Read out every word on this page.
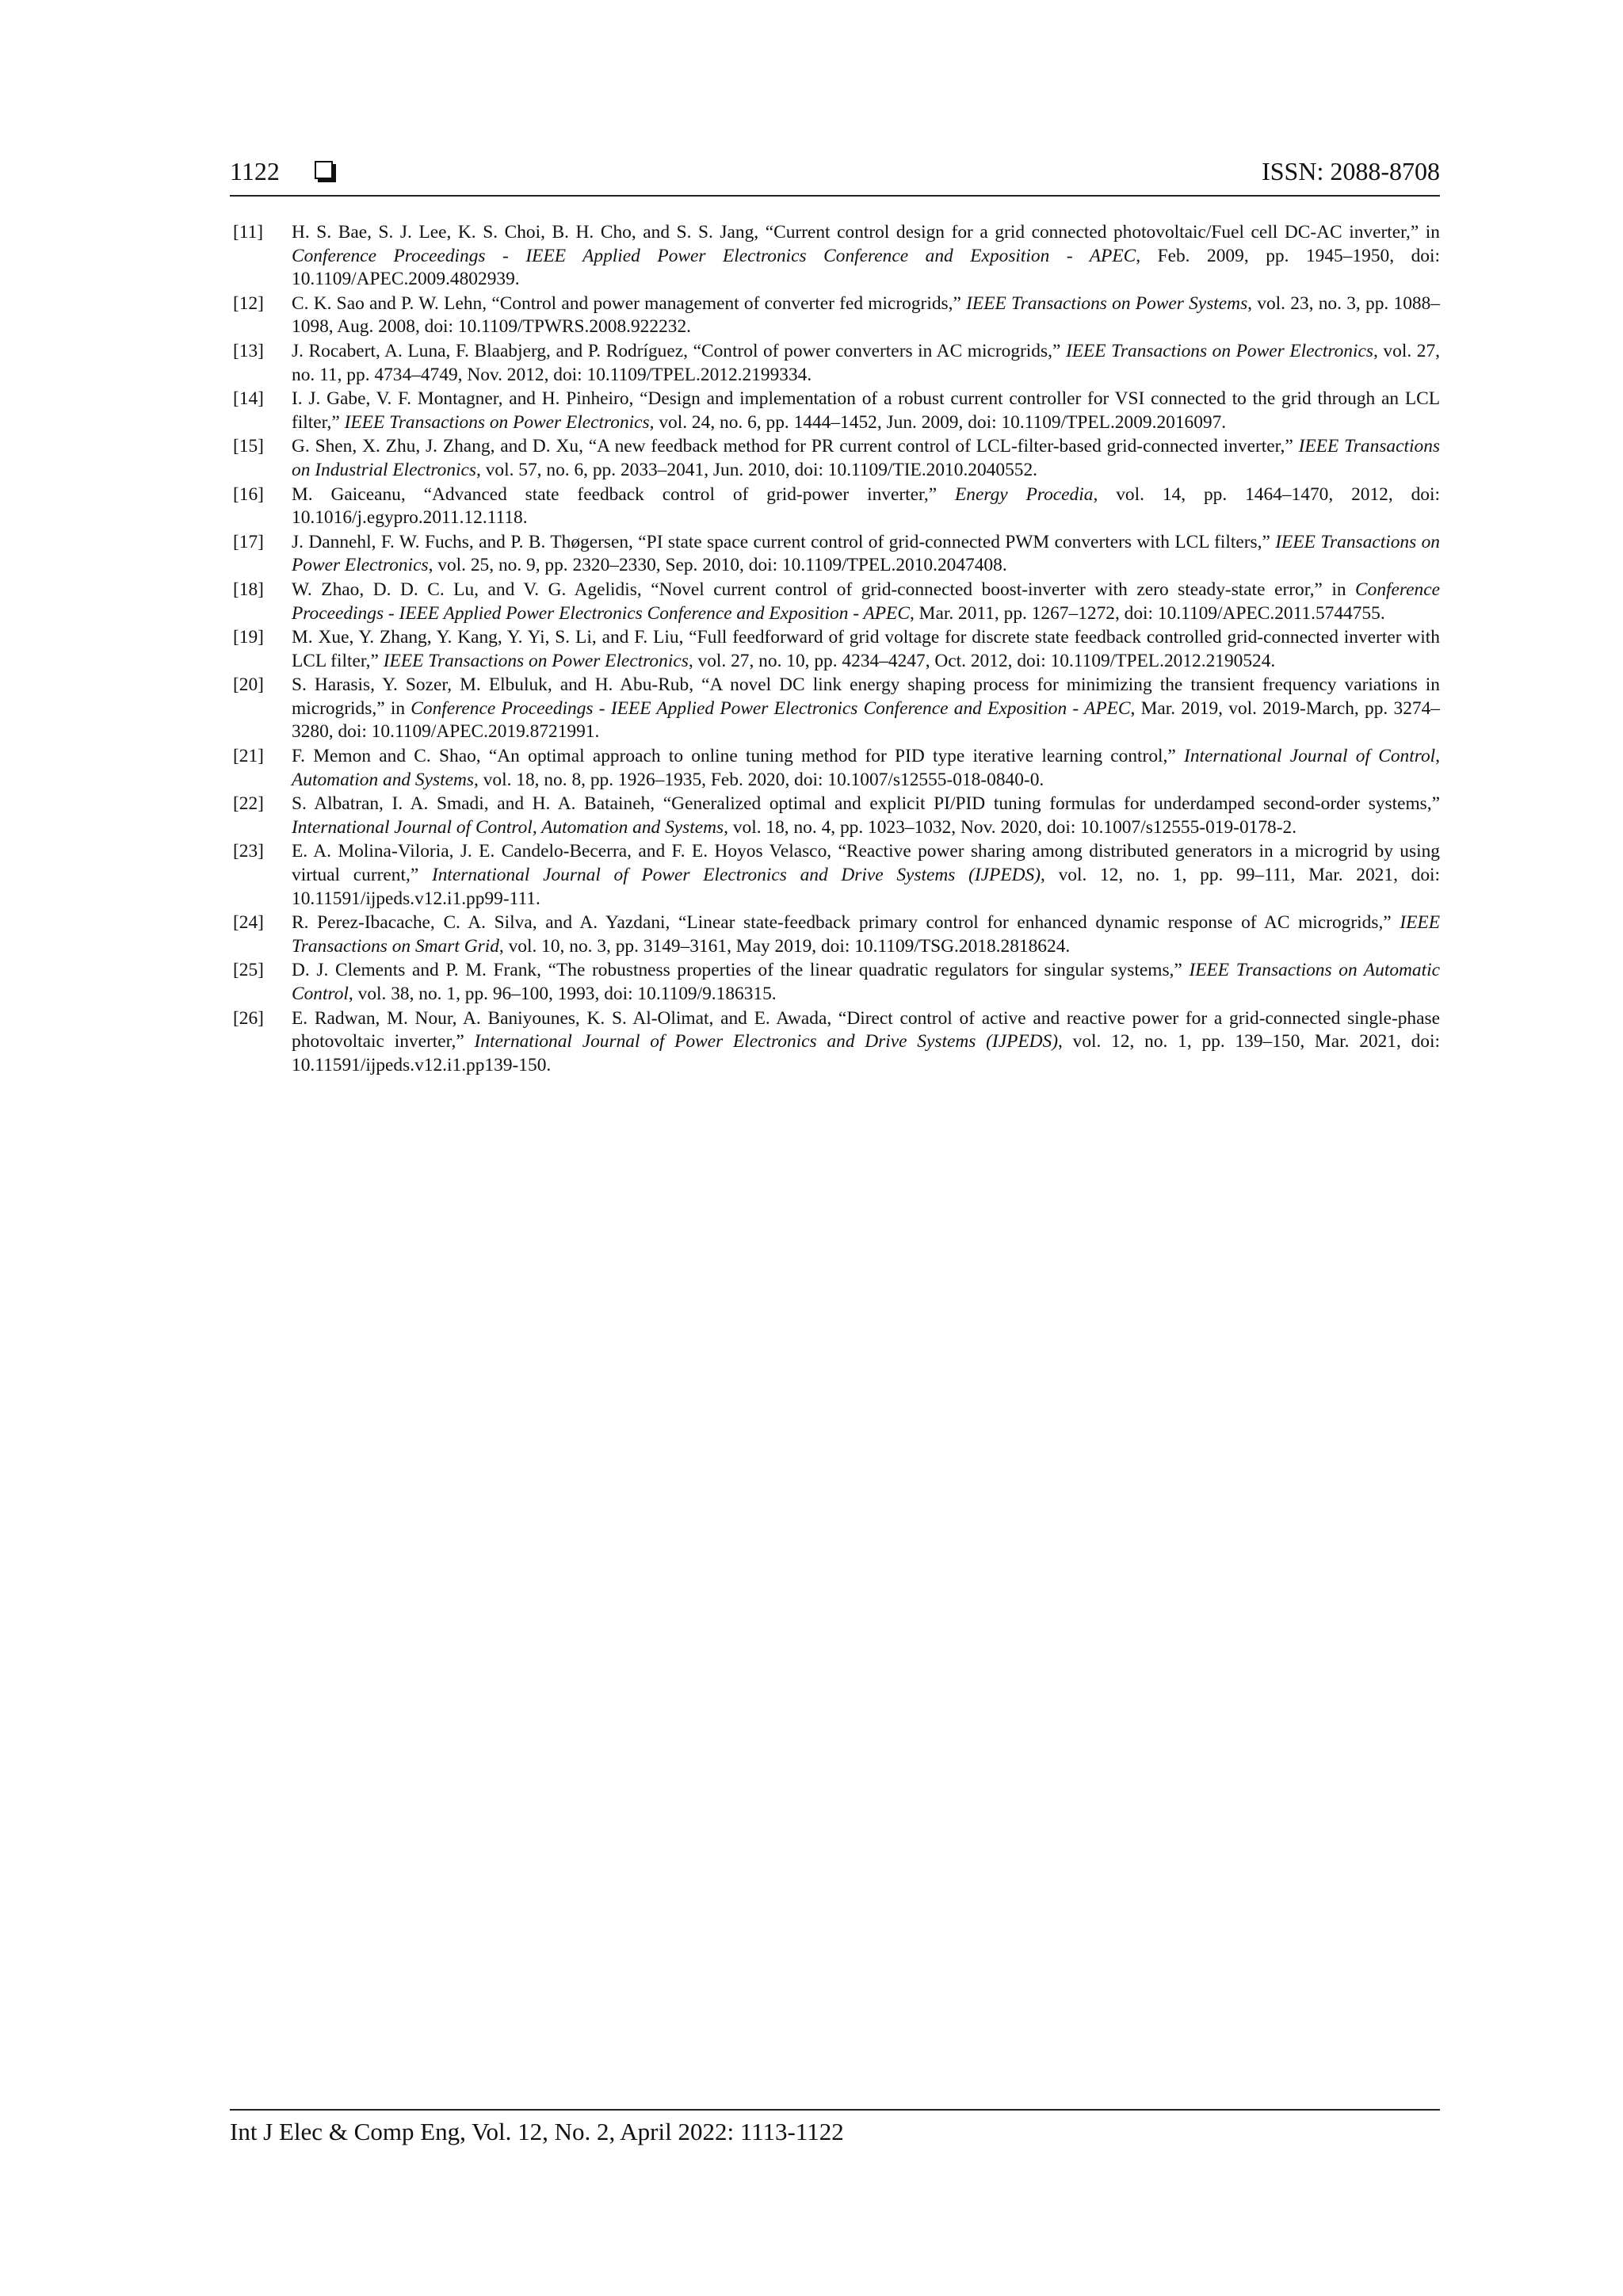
1122	ISSN: 2088-8708
[11] H. S. Bae, S. J. Lee, K. S. Choi, B. H. Cho, and S. S. Jang, “Current control design for a grid connected photovoltaic/Fuel cell DC-AC inverter,” in Conference Proceedings - IEEE Applied Power Electronics Conference and Exposition - APEC, Feb. 2009, pp. 1945–1950, doi: 10.1109/APEC.2009.4802939.
[12] C. K. Sao and P. W. Lehn, “Control and power management of converter fed microgrids,” IEEE Transactions on Power Systems, vol. 23, no. 3, pp. 1088–1098, Aug. 2008, doi: 10.1109/TPWRS.2008.922232.
[13] J. Rocabert, A. Luna, F. Blaabjerg, and P. Rodríguez, “Control of power converters in AC microgrids,” IEEE Transactions on Power Electronics, vol. 27, no. 11, pp. 4734–4749, Nov. 2012, doi: 10.1109/TPEL.2012.2199334.
[14] I. J. Gabe, V. F. Montagner, and H. Pinheiro, “Design and implementation of a robust current controller for VSI connected to the grid through an LCL filter,” IEEE Transactions on Power Electronics, vol. 24, no. 6, pp. 1444–1452, Jun. 2009, doi: 10.1109/TPEL.2009.2016097.
[15] G. Shen, X. Zhu, J. Zhang, and D. Xu, “A new feedback method for PR current control of LCL-filter-based grid-connected inverter,” IEEE Transactions on Industrial Electronics, vol. 57, no. 6, pp. 2033–2041, Jun. 2010, doi: 10.1109/TIE.2010.2040552.
[16] M. Gaiceanu, “Advanced state feedback control of grid-power inverter,” Energy Procedia, vol. 14, pp. 1464–1470, 2012, doi: 10.1016/j.egypro.2011.12.1118.
[17] J. Dannehl, F. W. Fuchs, and P. B. Thøgersen, “PI state space current control of grid-connected PWM converters with LCL filters,” IEEE Transactions on Power Electronics, vol. 25, no. 9, pp. 2320–2330, Sep. 2010, doi: 10.1109/TPEL.2010.2047408.
[18] W. Zhao, D. D. C. Lu, and V. G. Agelidis, “Novel current control of grid-connected boost-inverter with zero steady-state error,” in Conference Proceedings - IEEE Applied Power Electronics Conference and Exposition - APEC, Mar. 2011, pp. 1267–1272, doi: 10.1109/APEC.2011.5744755.
[19] M. Xue, Y. Zhang, Y. Kang, Y. Yi, S. Li, and F. Liu, “Full feedforward of grid voltage for discrete state feedback controlled grid-connected inverter with LCL filter,” IEEE Transactions on Power Electronics, vol. 27, no. 10, pp. 4234–4247, Oct. 2012, doi: 10.1109/TPEL.2012.2190524.
[20] S. Harasis, Y. Sozer, M. Elbuluk, and H. Abu-Rub, “A novel DC link energy shaping process for minimizing the transient frequency variations in microgrids,” in Conference Proceedings - IEEE Applied Power Electronics Conference and Exposition - APEC, Mar. 2019, vol. 2019-March, pp. 3274–3280, doi: 10.1109/APEC.2019.8721991.
[21] F. Memon and C. Shao, “An optimal approach to online tuning method for PID type iterative learning control,” International Journal of Control, Automation and Systems, vol. 18, no. 8, pp. 1926–1935, Feb. 2020, doi: 10.1007/s12555-018-0840-0.
[22] S. Albatran, I. A. Smadi, and H. A. Bataineh, “Generalized optimal and explicit PI/PID tuning formulas for underdamped second-order systems,” International Journal of Control, Automation and Systems, vol. 18, no. 4, pp. 1023–1032, Nov. 2020, doi: 10.1007/s12555-019-0178-2.
[23] E. A. Molina-Viloria, J. E. Candelo-Becerra, and F. E. Hoyos Velasco, “Reactive power sharing among distributed generators in a microgrid by using virtual current,” International Journal of Power Electronics and Drive Systems (IJPEDS), vol. 12, no. 1, pp. 99–111, Mar. 2021, doi: 10.11591/ijpeds.v12.i1.pp99-111.
[24] R. Perez-Ibacache, C. A. Silva, and A. Yazdani, “Linear state-feedback primary control for enhanced dynamic response of AC microgrids,” IEEE Transactions on Smart Grid, vol. 10, no. 3, pp. 3149–3161, May 2019, doi: 10.1109/TSG.2018.2818624.
[25] D. J. Clements and P. M. Frank, “The robustness properties of the linear quadratic regulators for singular systems,” IEEE Transactions on Automatic Control, vol. 38, no. 1, pp. 96–100, 1993, doi: 10.1109/9.186315.
[26] E. Radwan, M. Nour, A. Baniyounes, K. S. Al-Olimat, and E. Awada, “Direct control of active and reactive power for a grid-connected single-phase photovoltaic inverter,” International Journal of Power Electronics and Drive Systems (IJPEDS), vol. 12, no. 1, pp. 139–150, Mar. 2021, doi: 10.11591/ijpeds.v12.i1.pp139-150.
Int J Elec & Comp Eng, Vol. 12, No. 2, April 2022: 1113-1122
